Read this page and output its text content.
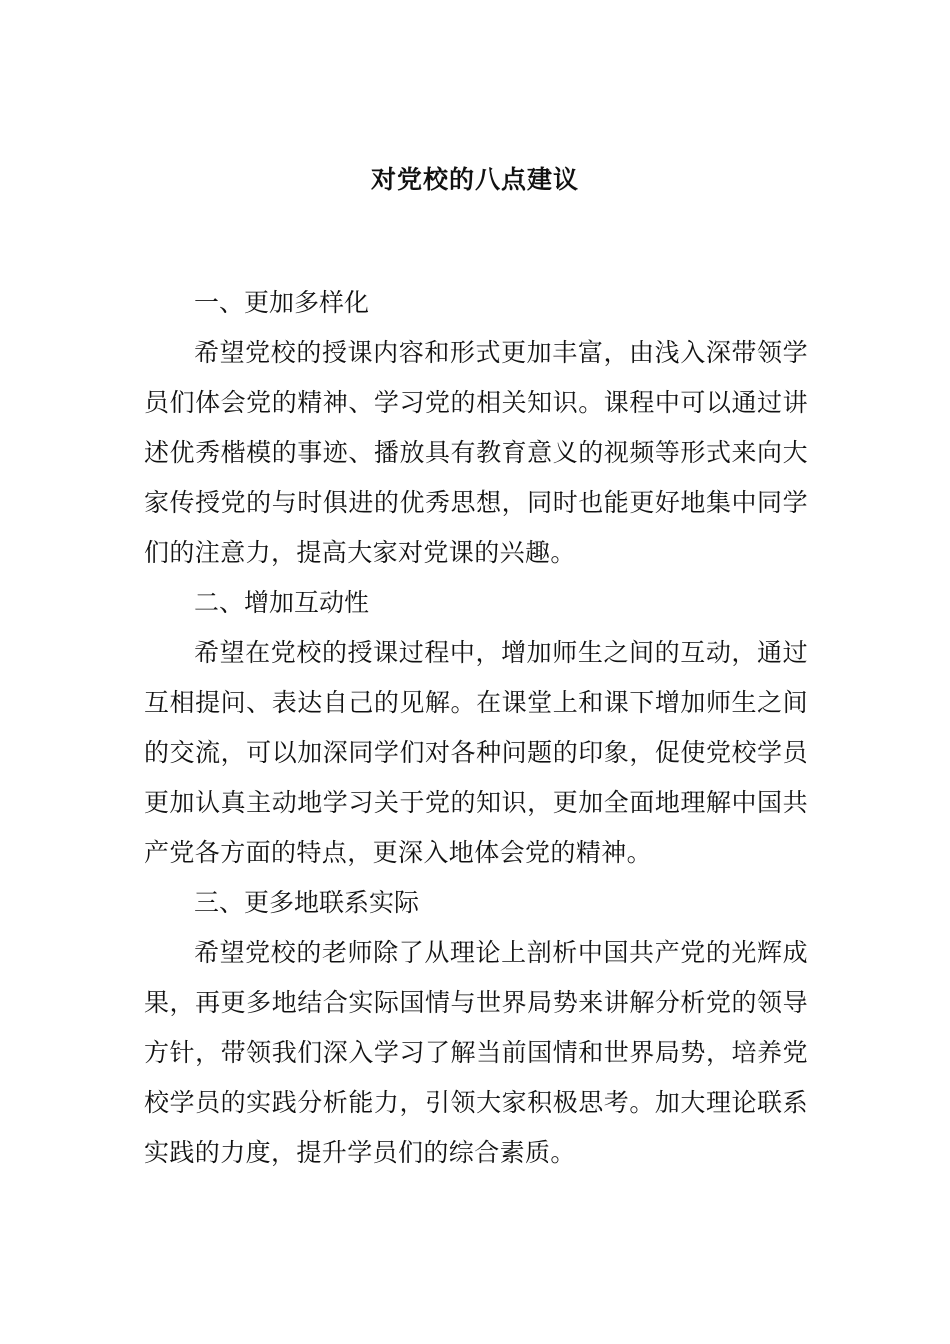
对党校的八点建议

一、更加多样化

希望党校的授课内容和形式更加丰富，由浅入深带领学员们体会党的精神、学习党的相关知识。课程中可以通过讲述优秀楷模的事迹、播放具有教育意义的视频等形式来向大家传授党的与时俱进的优秀思想，同时也能更好地集中同学们的注意力，提高大家对党课的兴趣。

二、增加互动性

希望在党校的授课过程中，增加师生之间的互动，通过互相提问、表达自己的见解。在课堂上和课下增加师生之间的交流，可以加深同学们对各种问题的印象，促使党校学员更加认真主动地学习关于党的知识，更加全面地理解中国共产党各方面的特点，更深入地体会党的精神。

三、更多地联系实际

希望党校的老师除了从理论上剖析中国共产党的光辉成果，再更多地结合实际国情与世界局势来讲解分析党的领导方针，带领我们深入学习了解当前国情和世界局势，培养党校学员的实践分析能力，引领大家积极思考。加大理论联系实践的力度，提升学员们的综合素质。
